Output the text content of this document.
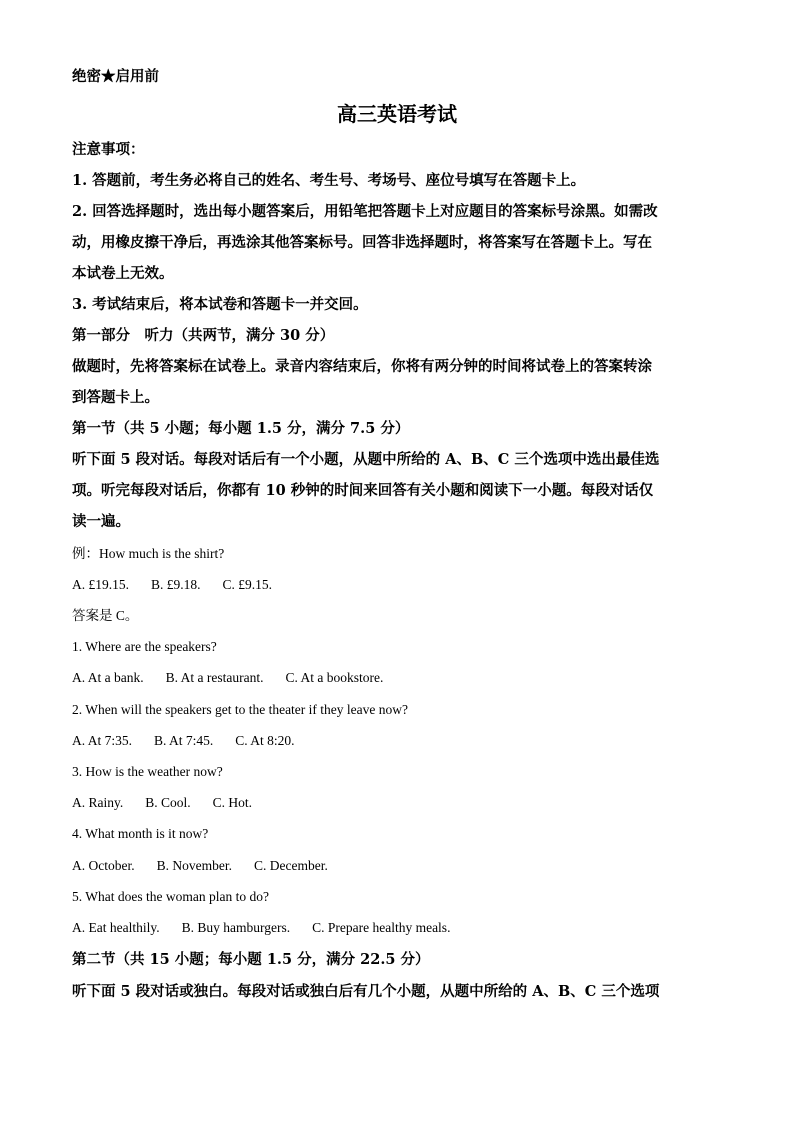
绝密★启用前
高三英语考试
注意事项：
1. 答题前，考生务必将自己的姓名、考生号、考场号、座位号填写在答题卡上。
2. 回答选择题时，选出每小题答案后，用铅笔把答题卡上对应题目的答案标号涂黑。如需改
动，用橡皮擦干净后，再选涂其他答案标号。回答非选择题时，将答案写在答题卡上。写在
本试卷上无效。
3. 考试结束后，将本试卷和答题卡一并交回。
第一部分　听力（共两节，满分 30 分）
做题时，先将答案标在试卷上。录音内容结束后，你将有两分钟的时间将试卷上的答案转涂
到答题卡上。
第一节（共 5 小题；每小题 1.5 分，满分 7.5 分）
听下面 5 段对话。每段对话后有一个小题，从题中所给的 A、B、C 三个选项中选出最佳选
项。听完每段对话后，你都有 10 秒钟的时间来回答有关小题和阅读下一小题。每段对话仅
读一遍。
例：How much is the shirt?
A. £19.15. B. £9.18. C. £9.15.
答案是 C。
1. Where are the speakers?
A. At a bank. B. At a restaurant. C. At a bookstore.
2. When will the speakers get to the theater if they leave now?
A. At 7:35. B. At 7:45. C. At 8:20.
3. How is the weather now?
A. Rainy. B. Cool. C. Hot.
4. What month is it now?
A. October. B. November. C. December.
5. What does the woman plan to do?
A. Eat healthily. B. Buy hamburgers. C. Prepare healthy meals.
第二节（共 15 小题；每小题 1.5 分，满分 22.5 分）
听下面 5 段对话或独白。每段对话或独白后有几个小题，从题中所给的 A、B、C 三个选项
